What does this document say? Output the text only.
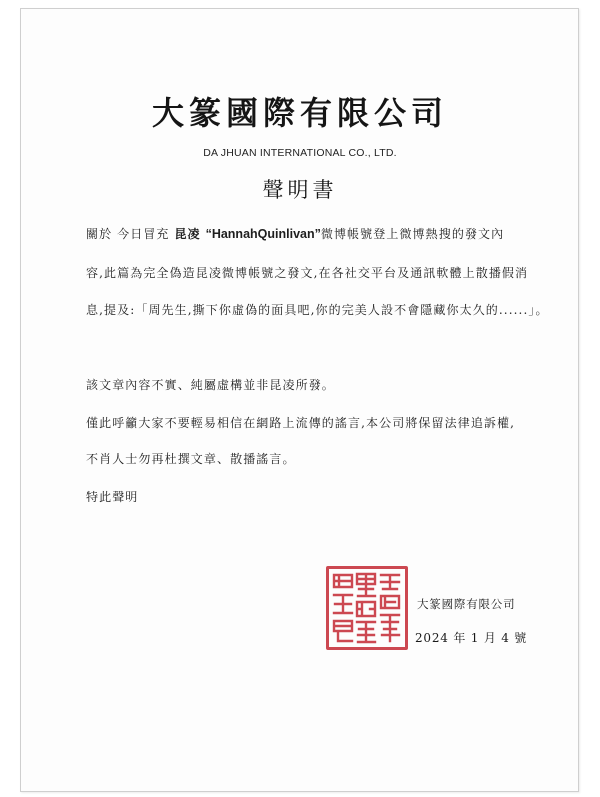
大篆國際有限公司
DA JHUAN INTERNATIONAL CO., LTD.
聲明書
關於 今日冒充 昆凌 “HannahQuinlivan”微博帳號登上微博熱搜的發文內
容,此篇為完全偽造昆凌微博帳號之發文,在各社交平台及通訊軟體上散播假消
息,提及:「周先生,撕下你虛偽的面具吧,你的完美人設不會隱藏你太久的......」。
該文章內容不實、純屬虛構並非昆凌所發。
僅此呼籲大家不要輕易相信在網路上流傳的謠言,本公司將保留法律追訴權,
不肖人士勿再杜撰文章、散播謠言。
特此聲明
大篆國際有限公司
2024 年 1 月 4 號
